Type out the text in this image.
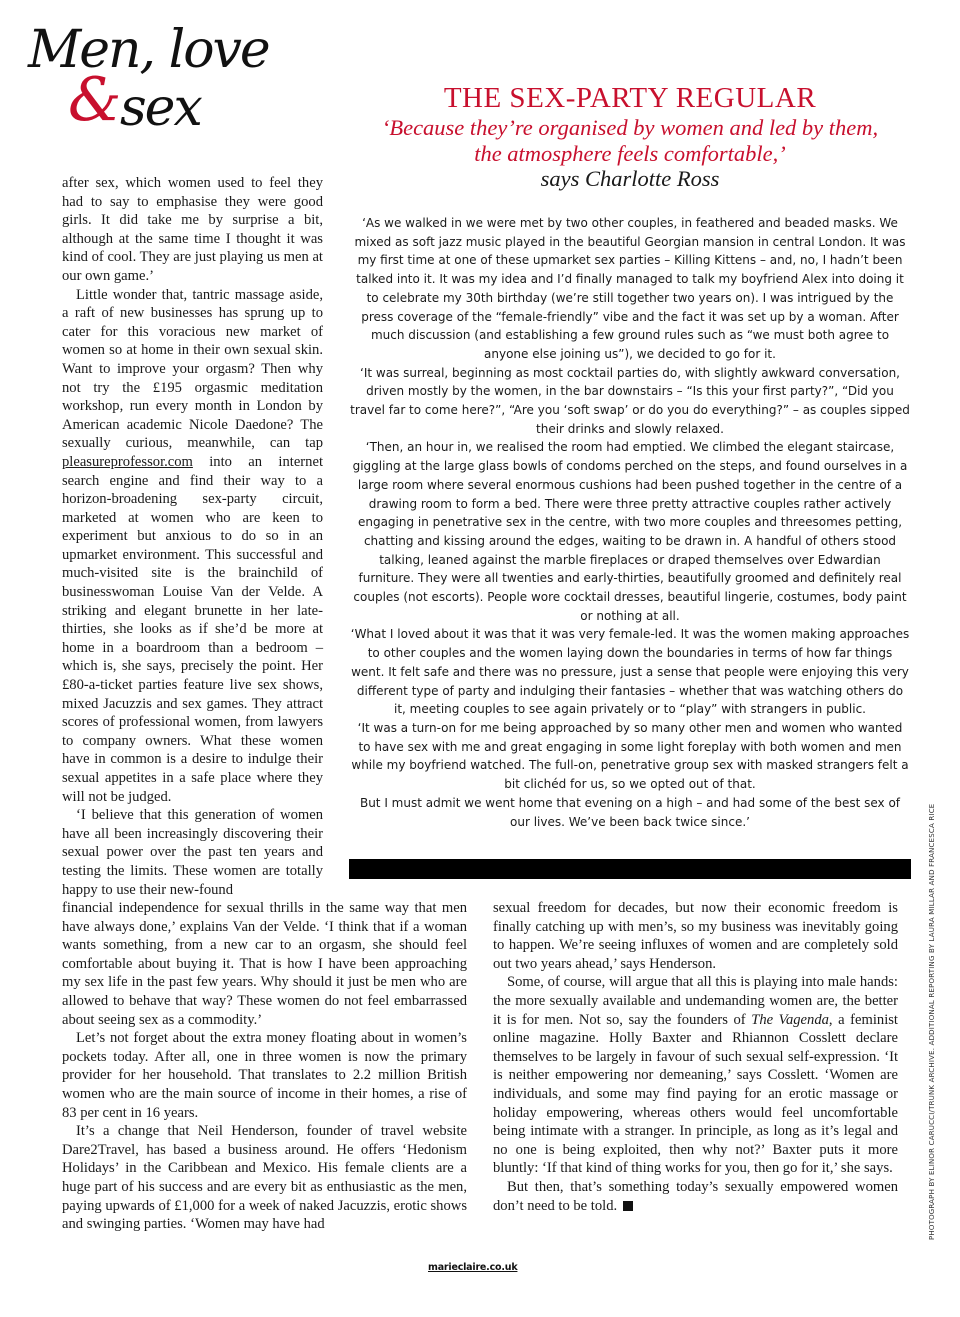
Men, love
&
sex

after sex, which women used to feel they had to say to emphasise they were good girls. It did take me by surprise a bit, although at the same time I thought it was kind of cool. They are just playing us men at our own game.’

Little wonder that, tantric massage aside, a raft of new businesses has sprung up to cater for this voracious new market of women so at home in their own sexual skin. Want to improve your orgasm? Then why not try the £195 orgasmic meditation workshop, run every month in London by American academic Nicole Daedone? The sexually curious, meanwhile, can tap pleasureprofessor.com into an internet search engine and find their way to a horizon-broadening sex-party circuit, marketed at women who are keen to experiment but anxious to do so in an upmarket environment. This successful and much-visited site is the brainchild of businesswoman Louise Van der Velde. A striking and elegant brunette in her late-thirties, she looks as if she’d be more at home in a boardroom than a bedroom – which is, she says, precisely the point. Her £80-a-ticket parties feature live sex shows, mixed Jacuzzis and sex games. They attract scores of professional women, from lawyers to company owners. What these women have in common is a desire to indulge their sexual appetites in a safe place where they will not be judged.

‘I believe that this generation of women have all been increasingly discovering their sexual power over the past ten years and testing the limits. These women are totally happy to use their new-found

THE SEX-PARTY REGULAR
‘Because they’re organised by women and led by them,
the atmosphere feels comfortable,’
says Charlotte Ross

‘As we walked in we were met by two other couples, in feathered and beaded masks. We mixed as soft jazz music played in the beautiful Georgian mansion in central London. It was my first time at one of these upmarket sex parties – Killing Kittens – and, no, I hadn’t been talked into it. It was my idea and I’d finally managed to talk my boyfriend Alex into doing it to celebrate my 30th birthday (we’re still together two years on). I was intrigued by the press coverage of the “female-friendly” vibe and the fact it was set up by a woman. After much discussion (and establishing a few ground rules such as “we must both agree to anyone else joining us”), we decided to go for it.

‘It was surreal, beginning as most cocktail parties do, with slightly awkward conversation, driven mostly by the women, in the bar downstairs – “Is this your first party?”, “Did you travel far to come here?”, “Are you ‘soft swap’ or do you do everything?” – as couples sipped their drinks and slowly relaxed.

‘Then, an hour in, we realised the room had emptied. We climbed the elegant staircase, giggling at the large glass bowls of condoms perched on the steps, and found ourselves in a large room where several enormous cushions had been pushed together in the centre of a drawing room to form a bed. There were three pretty attractive couples rather actively engaging in penetrative sex in the centre, with two more couples and threesomes petting, chatting and kissing around the edges, waiting to be drawn in. A handful of others stood talking, leaned against the marble fireplaces or draped themselves over Edwardian furniture. They were all twenties and early-thirties, beautifully groomed and definitely real couples (not escorts). People wore cocktail dresses, beautiful lingerie, costumes, body paint or nothing at all.

‘What I loved about it was that it was very female-led. It was the women making approaches to other couples and the women laying down the boundaries in terms of how far things went. It felt safe and there was no pressure, just a sense that people were enjoying this very different type of party and indulging their fantasies – whether that was watching others do it, meeting couples to see again privately or to “play” with strangers in public.

‘It was a turn-on for me being approached by so many other men and women who wanted to have sex with me and great engaging in some light foreplay with both women and men while my boyfriend watched. The full-on, penetrative group sex with masked strangers felt a bit clichéd for us, so we opted out of that.

But I must admit we went home that evening on a high – and had some of the best sex of our lives. We’ve been back twice since.’

financial independence for sexual thrills in the same way that men have always done,’ explains Van der Velde. ‘I think that if a woman wants something, from a new car to an orgasm, she should feel comfortable about buying it. That is how I have been approaching my sex life in the past few years. Why should it just be men who are allowed to behave that way? These women do not feel embarrassed about seeing sex as a commodity.’

Let’s not forget about the extra money floating about in women’s pockets today. After all, one in three women is now the primary provider for her household. That translates to 2.2 million British women who are the main source of income in their homes, a rise of 83 per cent in 16 years.

It’s a change that Neil Henderson, founder of travel website Dare2Travel, has based a business around. He offers ‘Hedonism Holidays’ in the Caribbean and Mexico. His female clients are a huge part of his success and are every bit as enthusiastic as the men, paying upwards of £1,000 for a week of naked Jacuzzis, erotic shows and swinging parties. ‘Women may have had

sexual freedom for decades, but now their economic freedom is finally catching up with men’s, so my business was inevitably going to happen. We’re seeing influxes of women and are completely sold out two years ahead,’ says Henderson.

Some, of course, will argue that all this is playing into male hands: the more sexually available and undemanding women are, the better it is for men. Not so, say the founders of The Vagenda, a feminist online magazine. Holly Baxter and Rhiannon Cosslett declare themselves to be largely in favour of such sexual self-expression. ‘It is neither empowering nor demeaning,’ says Cosslett. ‘Women are individuals, and some may find paying for an erotic massage or holiday empowering, whereas others would feel uncomfortable being intimate with a stranger. In principle, as long as it’s legal and no one is being exploited, then why not?’ Baxter puts it more bluntly: ‘If that kind of thing works for you, then go for it,’ she says.

But then, that’s something today’s sexually empowered women don’t need to be told.	PHOTOGRAPH BY ELINOR CARUCCI/TRUNK ARCHIVE. ADDITIONAL REPORTING BY LAURA MILLAR AND FRANCESCA RICE
marieclaire.co.uk
